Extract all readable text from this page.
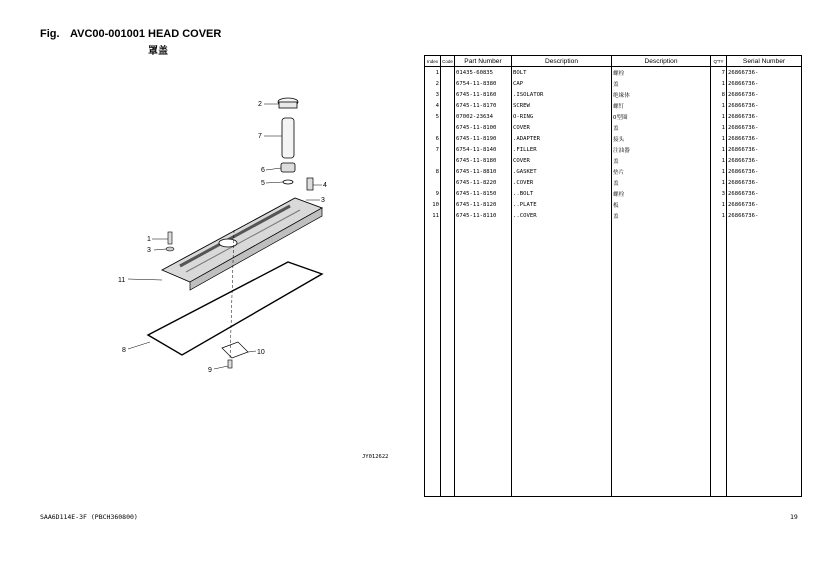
Fig. AVC00-001001 HEAD COVER
罩盖
2
7
6
5	4
3
1
3
11
8
9
10
JY012622
Index	Code	Part Number	Description	Description	Q'TY	Serial Number
1		01435-60835	BOLT	螺栓	7	26866736-
2		6754-11-8380	CAP	盖	1	26866736-
3		6745-11-8160	.ISOLATOR	绝缘体	8	26866736-
4		6745-11-8170	SCREW	螺钉	1	26866736-
5		07002-23634	O-RING	O型圈	1	26866736-
		6745-11-8100	COVER	盖	1	26866736-
6		6745-11-8190	.ADAPTER	接头	1	26866736-
7		6754-11-8140	.FILLER	注油器	1	26866736-
		6745-11-8180	COVER	盖	1	26866736-
8		6745-11-8810	.GASKET	垫片	1	26866736-
		6745-11-8220	.COVER	盖	1	26866736-
9		6745-11-8150	..BOLT	螺栓	3	26866736-
10		6745-11-8120	..PLATE	板	1	26866736-
11		6745-11-8110	..COVER	盖	1	26866736-

SAA6D114E-3F (PBCH360800)	19
